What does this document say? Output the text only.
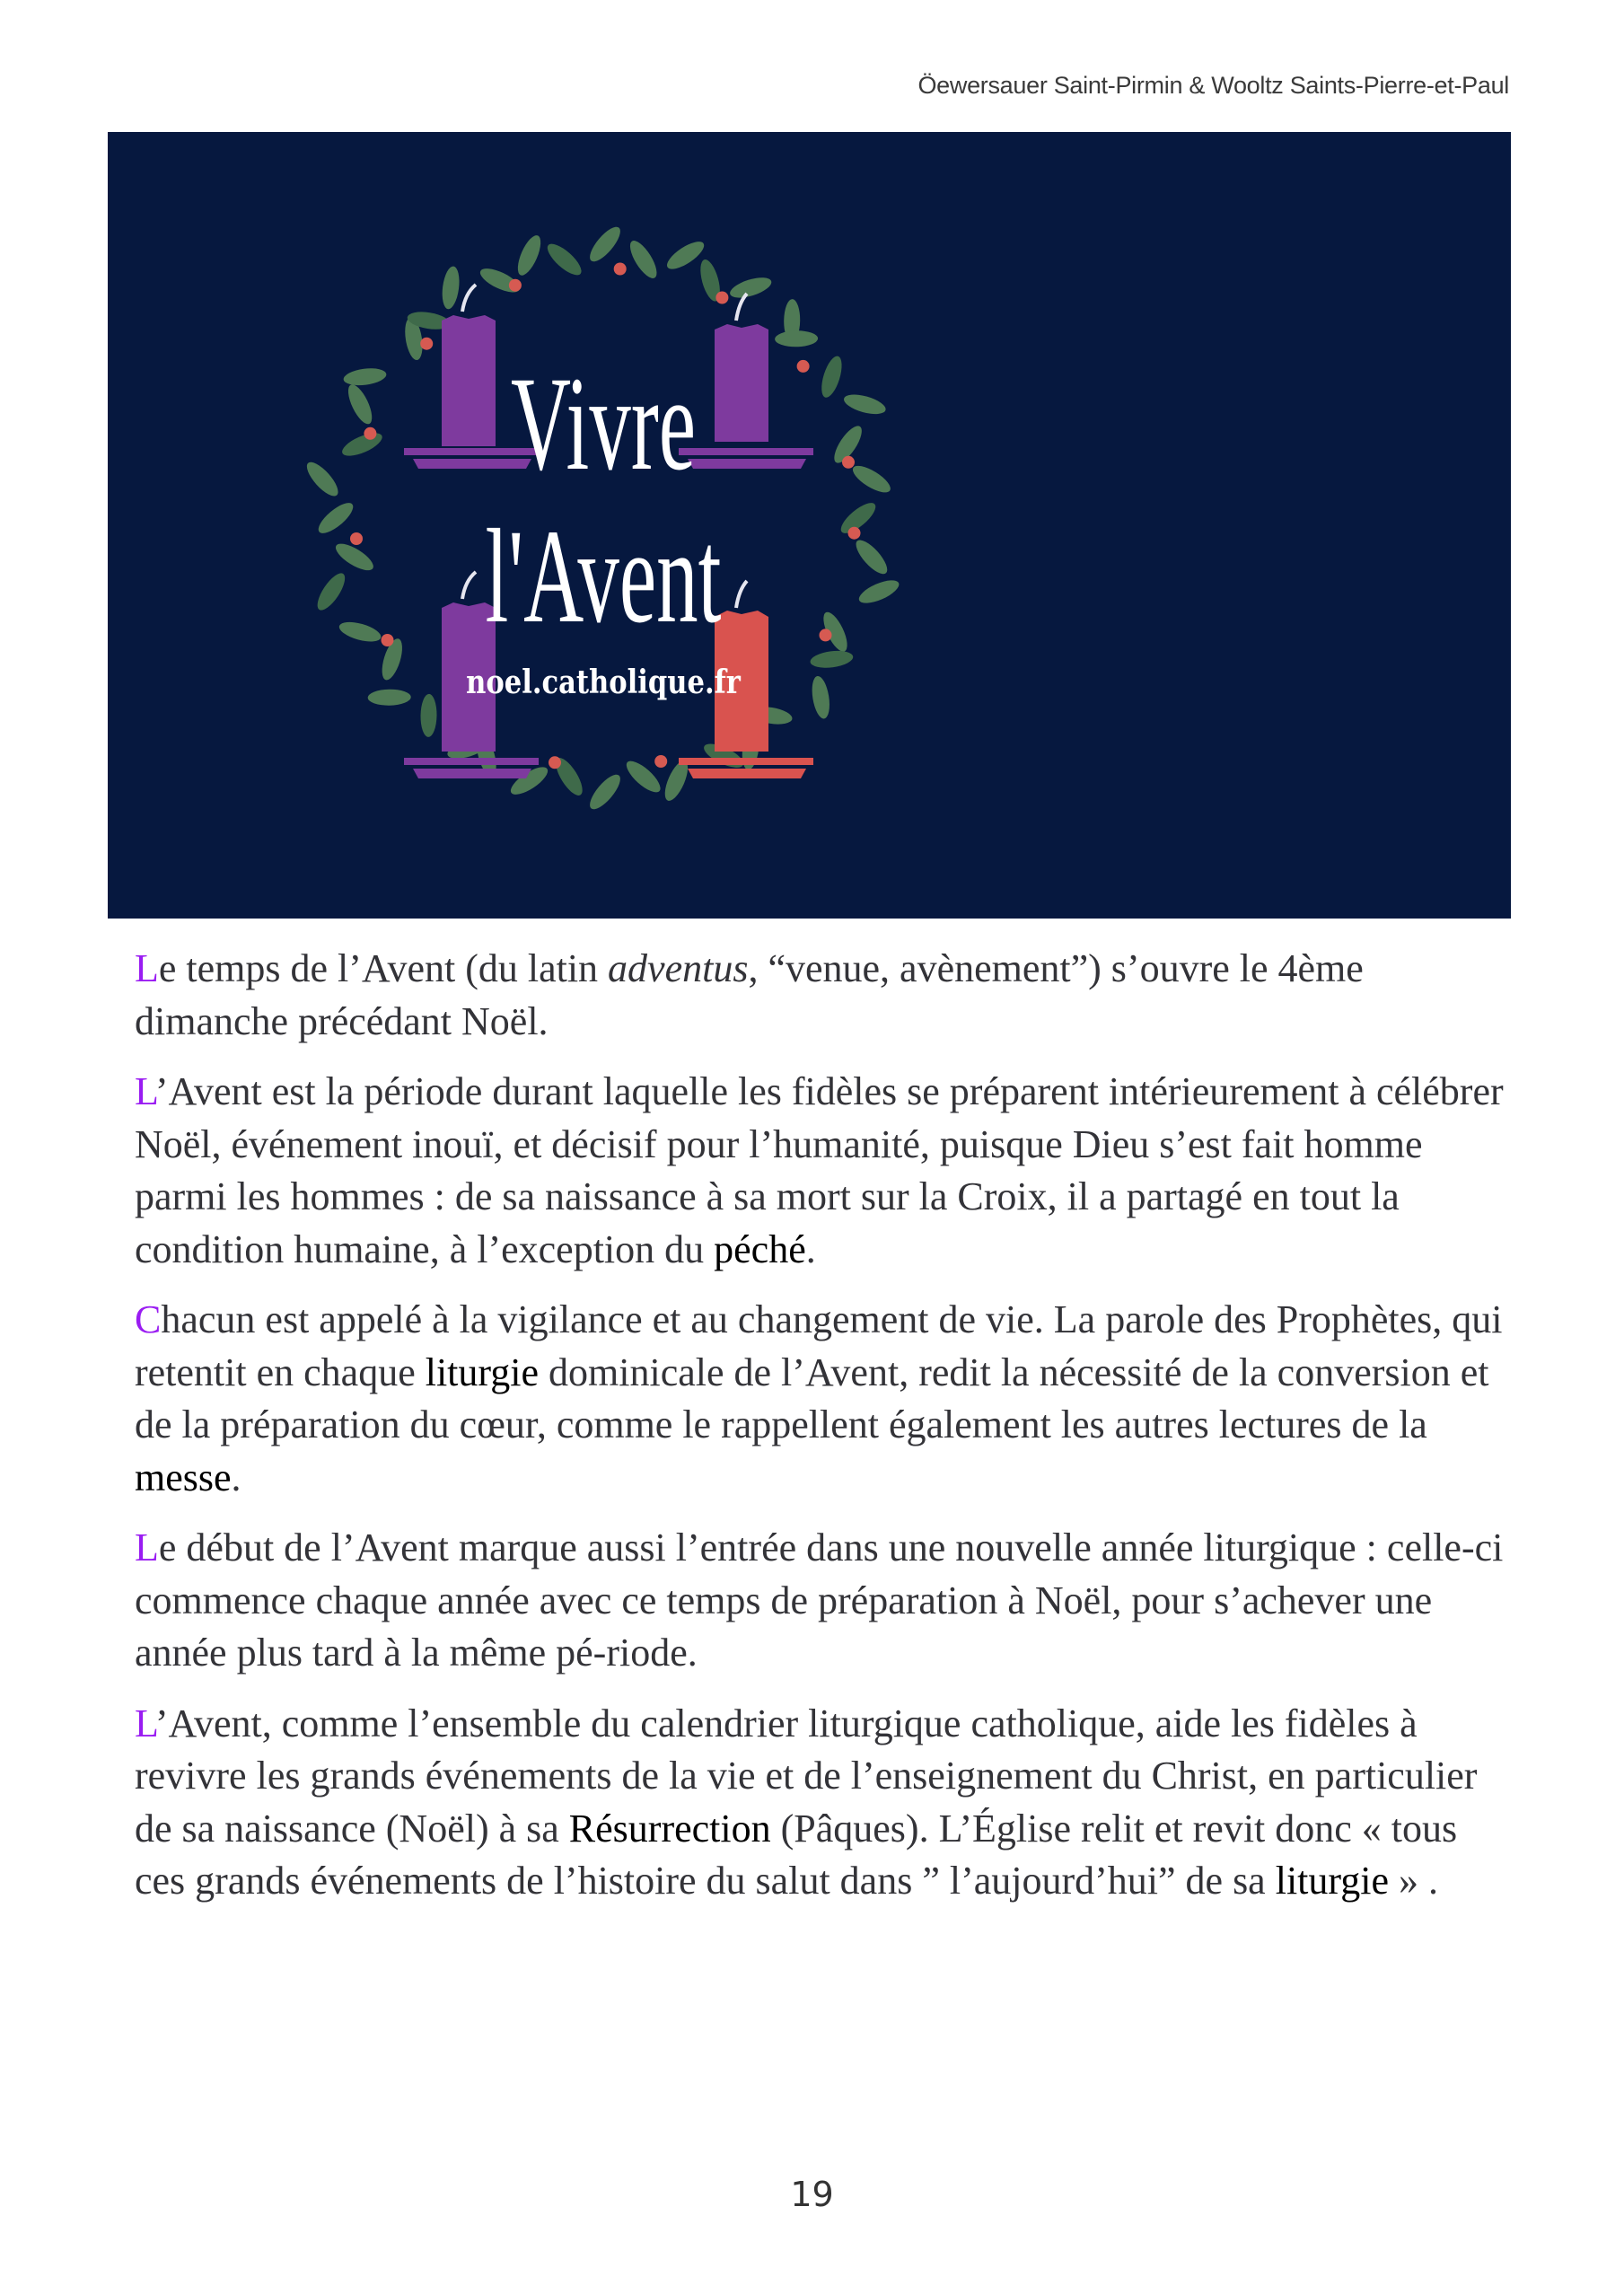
Öewersauer Saint-Pirmin & Wooltz Saints-Pierre-et-Paul
Vivre
l'Avent
noel.catholique.fr

Le temps de l’Avent (du latin adventus, “venue, avènement”) s’ouvre le 4ème dimanche précédant Noël.

L’Avent est la période durant laquelle les fidèles se préparent intérieurement à célébrer Noël, événement inouï, et décisif pour l’humanité, puisque Dieu s’est fait homme parmi les hommes : de sa naissance à sa mort sur la Croix, il a partagé en tout la condition humaine, à l’exception du péché.

Chacun est appelé à la vigilance et au changement de vie. La parole des Prophètes, qui retentit en chaque liturgie dominicale de l’Avent, redit la nécessité de la conversion et de la préparation du cœur, comme le rappellent également les autres lectures de la messe.

Le début de l’Avent marque aussi l’entrée dans une nouvelle année liturgique : celle-ci commence chaque année avec ce temps de préparation à Noël, pour s’achever une année plus tard à la même pé-riode.

L’Avent, comme l’ensemble du calendrier liturgique catholique, aide les fidèles à revivre les grands événements de la vie et de l’enseignement du Christ, en particulier de sa naissance (Noël) à sa Résurrection (Pâques). L’Église relit et revit donc « tous ces grands événements de l’histoire du salut dans ” l’aujourd’hui” de sa liturgie » .

19
